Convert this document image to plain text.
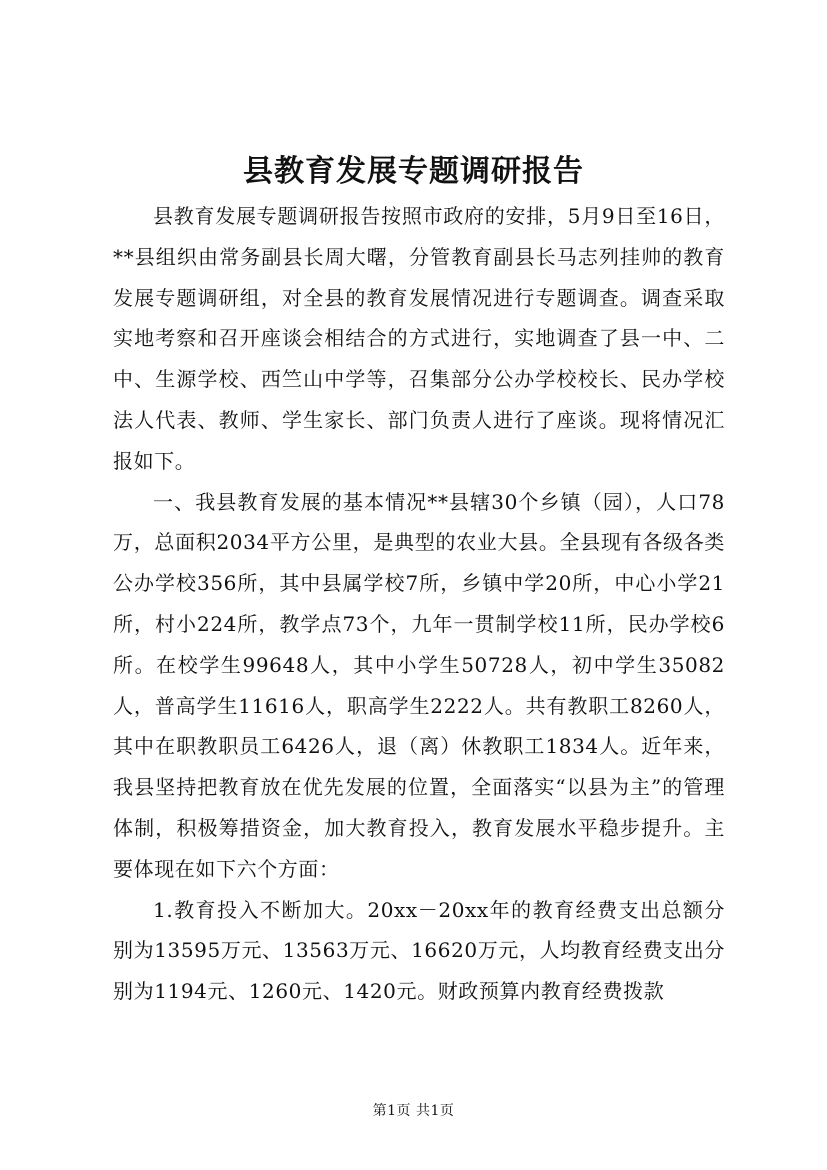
县教育发展专题调研报告

县教育发展专题调研报告按照市政府的安排，5月9日至16日，**县组织由常务副县长周大曙，分管教育副县长马志列挂帅的教育发展专题调研组，对全县的教育发展情况进行专题调查。调查采取实地考察和召开座谈会相结合的方式进行，实地调查了县一中、二中、生源学校、西竺山中学等，召集部分公办学校校长、民办学校法人代表、教师、学生家长、部门负责人进行了座谈。现将情况汇报如下。

一、我县教育发展的基本情况**县辖30个乡镇（园），人口78万，总面积2034平方公里，是典型的农业大县。全县现有各级各类公办学校356所，其中县属学校7所，乡镇中学20所，中心小学21所，村小224所，教学点73个，九年一贯制学校11所，民办学校6所。在校学生99648人，其中小学生50728人，初中学生35082人，普高学生11616人，职高学生2222人。共有教职工8260人，其中在职教职员工6426人，退（离）休教职工1834人。近年来，我县坚持把教育放在优先发展的位置，全面落实“以县为主”的管理体制，积极筹措资金，加大教育投入，教育发展水平稳步提升。主要体现在如下六个方面：

1.教育投入不断加大。20xx－20xx年的教育经费支出总额分别为13595万元、13563万元、16620万元，人均教育经费支出分别为1194元、1260元、1420元。财政预算内教育经费拨款

第1页 共1页
